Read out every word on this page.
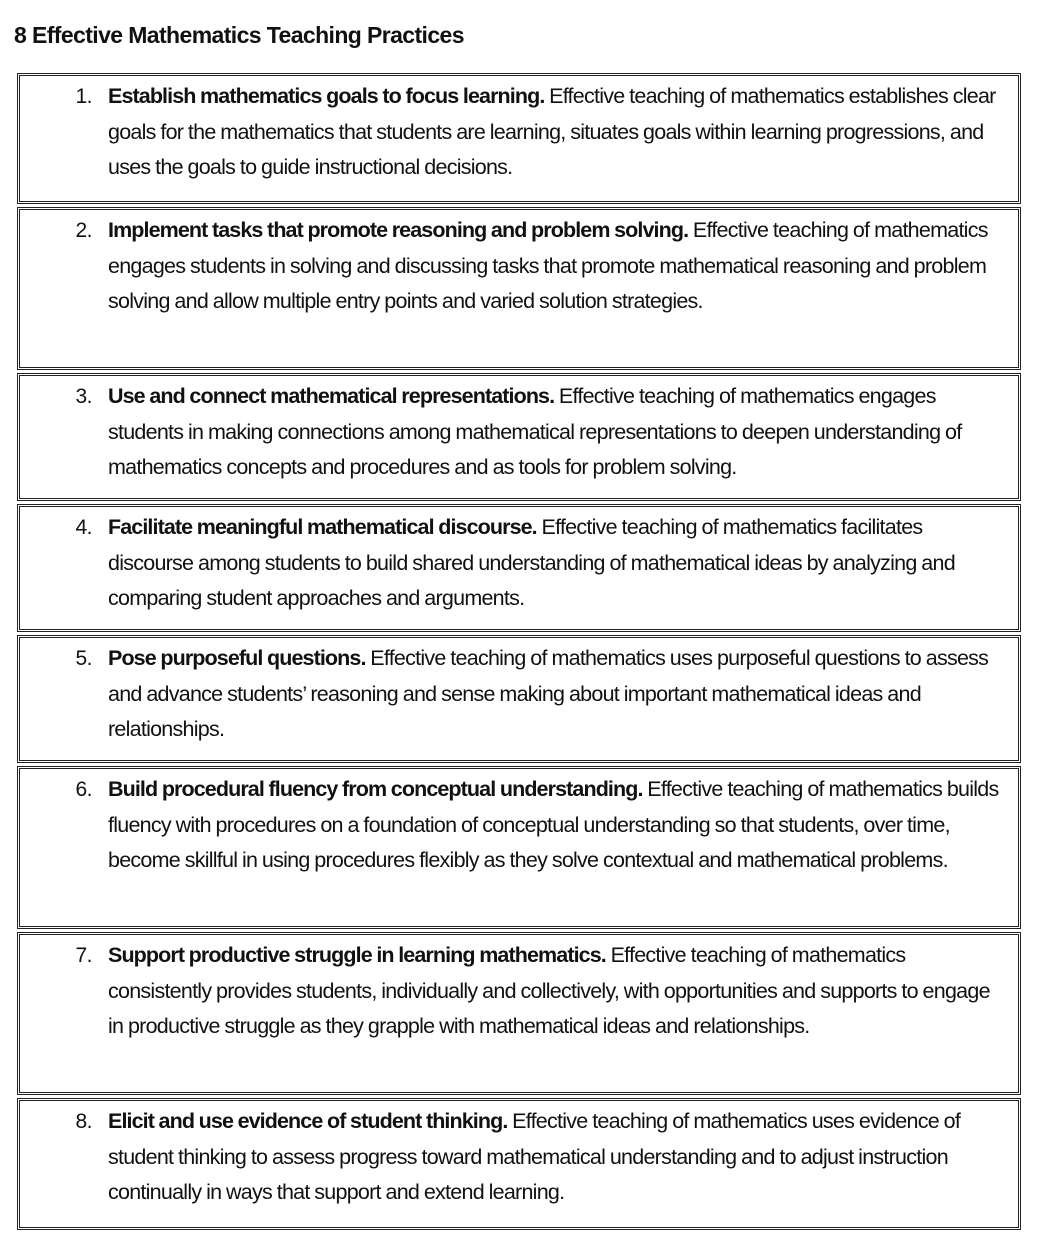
8 Effective Mathematics Teaching Practices
1. Establish mathematics goals to focus learning. Effective teaching of mathematics establishes clear goals for the mathematics that students are learning, situates goals within learning progressions, and uses the goals to guide instructional decisions.
2. Implement tasks that promote reasoning and problem solving. Effective teaching of mathematics engages students in solving and discussing tasks that promote mathematical reasoning and problem solving and allow multiple entry points and varied solution strategies.
3. Use and connect mathematical representations. Effective teaching of mathematics engages students in making connections among mathematical representations to deepen understanding of mathematics concepts and procedures and as tools for problem solving.
4. Facilitate meaningful mathematical discourse. Effective teaching of mathematics facilitates discourse among students to build shared understanding of mathematical ideas by analyzing and comparing student approaches and arguments.
5. Pose purposeful questions. Effective teaching of mathematics uses purposeful questions to assess and advance students’ reasoning and sense making about important mathematical ideas and relationships.
6. Build procedural fluency from conceptual understanding. Effective teaching of mathematics builds fluency with procedures on a foundation of conceptual understanding so that students, over time, become skillful in using procedures flexibly as they solve contextual and mathematical problems.
7. Support productive struggle in learning mathematics. Effective teaching of mathematics consistently provides students, individually and collectively, with opportunities and supports to engage in productive struggle as they grapple with mathematical ideas and relationships.
8. Elicit and use evidence of student thinking. Effective teaching of mathematics uses evidence of student thinking to assess progress toward mathematical understanding and to adjust instruction continually in ways that support and extend learning.
